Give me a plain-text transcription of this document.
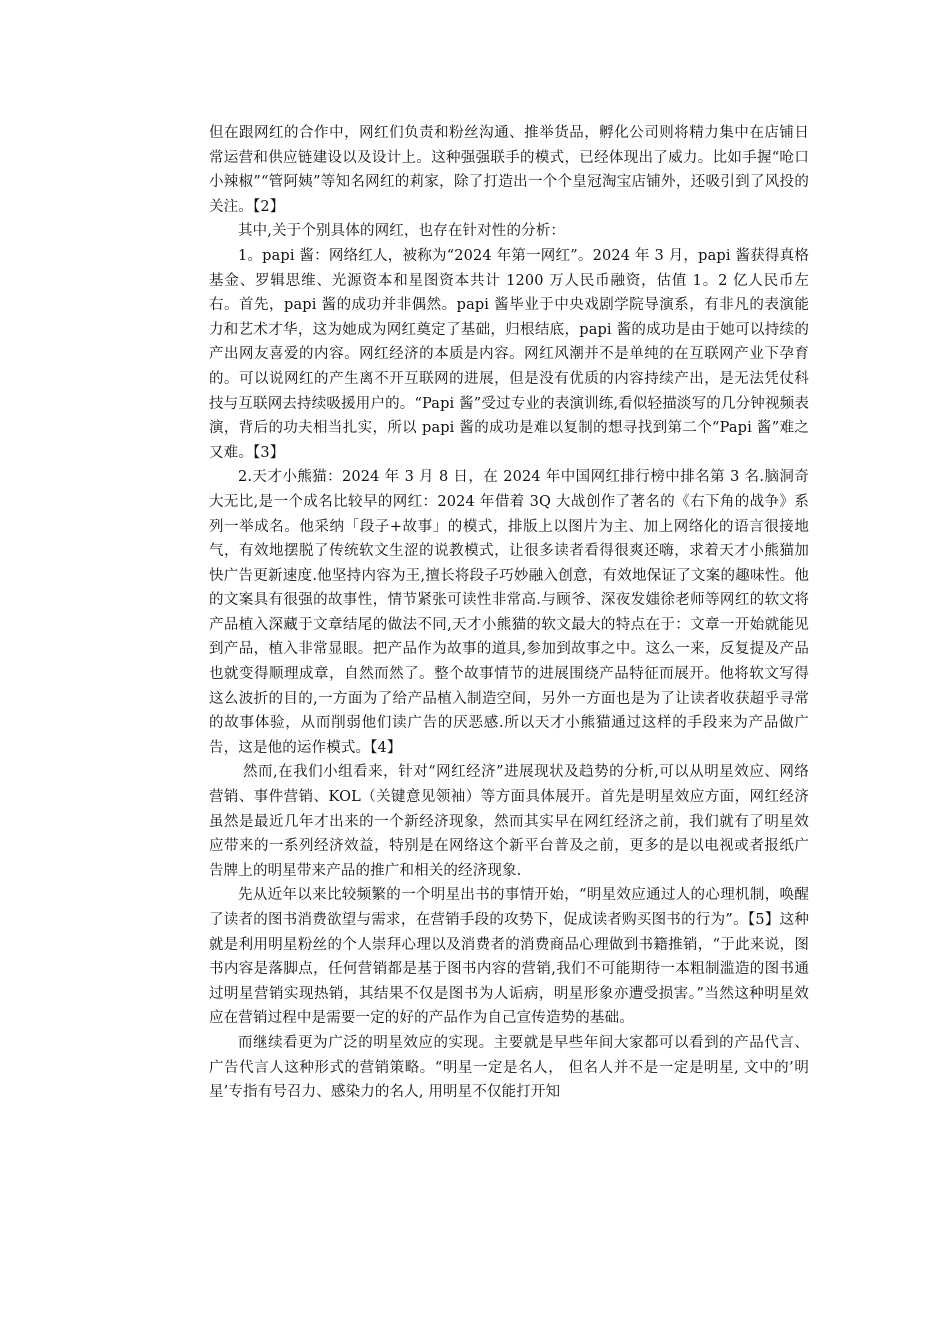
但在跟网红的合作中，网红们负责和粉丝沟通、推举货品，孵化公司则将精力集中在店铺日常运营和供应链建设以及设计上。这种强强联手的模式，已经体现出了威力。比如手握“呛口小辣椒”“管阿姨”等知名网红的莉家，除了打造出一个个皇冠淘宝店铺外，还吸引到了风投的关注。【2】

其中,关于个别具体的网红，也存在针对性的分析：

1。papi 酱：网络红人，被称为“2024 年第一网红”。2024 年 3 月，papi 酱获得真格基金、罗辑思维、光源资本和星图资本共计 1200 万人民币融资，估值 1。2 亿人民币左右。首先，papi 酱的成功并非偶然。papi 酱毕业于中央戏剧学院导演系，有非凡的表演能力和艺术才华，这为她成为网红奠定了基础，归根结底，papi 酱的成功是由于她可以持续的产出网友喜爱的内容。网红经济的本质是内容。网红风潮并不是单纯的在互联网产业下孕育的。可以说网红的产生离不开互联网的进展，但是没有优质的内容持续产出，是无法凭仗科技与互联网去持续吸援用户的。“Papi 酱”受过专业的表演训练,看似轻描淡写的几分钟视频表演，背后的功夫相当扎实，所以 papi 酱的成功是难以复制的想寻找到第二个“Papi 酱”难之又难。【3】

2.天才小熊猫：2024 年 3 月 8 日，在 2024 年中国网红排行榜中排名第 3 名.脑洞奇大无比,是一个成名比较早的网红：2024 年借着 3Q 大战创作了著名的《右下角的战争》系列一举成名。他采纳「段子+故事」的模式，排版上以图片为主、加上网络化的语言很接地气，有效地摆脱了传统软文生涩的说教模式，让很多读者看得很爽还嗨，求着天才小熊猫加快广告更新速度.他坚持内容为王,擅长将段子巧妙融入创意，有效地保证了文案的趣味性。他的文案具有很强的故事性，情节紧张可读性非常高.与顾爷、深夜发媸徐老师等网红的软文将产品植入深藏于文章结尾的做法不同,天才小熊猫的软文最大的特点在于：文章一开始就能见到产品，植入非常显眼。把产品作为故事的道具,参加到故事之中。这么一来，反复提及产品也就变得顺理成章，自然而然了。整个故事情节的进展围绕产品特征而展开。他将软文写得这么波折的目的,一方面为了给产品植入制造空间，另外一方面也是为了让读者收获超乎寻常的故事体验，从而削弱他们读广告的厌恶感.所以天才小熊猫通过这样的手段来为产品做广告，这是他的运作模式。【4】

然而,在我们小组看来，针对“网红经济”进展现状及趋势的分析,可以从明星效应、网络营销、事件营销、KOL（关键意见领袖）等方面具体展开。首先是明星效应方面，网红经济虽然是最近几年才出来的一个新经济现象，然而其实早在网红经济之前，我们就有了明星效应带来的一系列经济效益，特别是在网络这个新平台普及之前，更多的是以电视或者报纸广告牌上的明星带来产品的推广和相关的经济现象.

先从近年以来比较频繁的一个明星出书的事情开始，“明星效应通过人的心理机制，唤醒了读者的图书消费欲望与需求，在营销手段的攻势下，促成读者购买图书的行为”。【5】这种就是利用明星粉丝的个人崇拜心理以及消费者的消费商品心理做到书籍推销，“于此来说，图书内容是落脚点，任何营销都是基于图书内容的营销,我们不可能期待一本粗制滥造的图书通过明星营销实现热销，其结果不仅是图书为人诟病，明星形象亦遭受损害。”当然这种明星效应在营销过程中是需要一定的好的产品作为自己宣传造势的基础。

而继续看更为广泛的明星效应的实现。主要就是早些年间大家都可以看到的产品代言、广告代言人这种形式的营销策略。“明星一定是名人， 但名人并不是一定是明星, 文中的’明星’专指有号召力、感染力的名人, 用明星不仅能打开知
